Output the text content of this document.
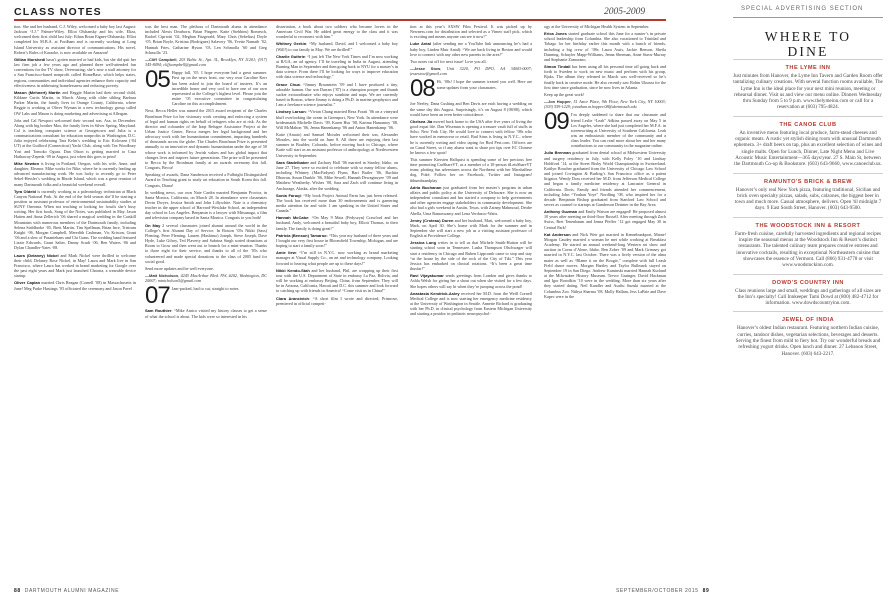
CLASS NOTES	2005-2009	SPECIAL ADVERTISING SECTION

tion. She and her husband, C.J. Wiley, welcomed a baby boy last August: Jackson “J.J.” Palmer-Wiley. Elliot Olshansky and his wife, Eliza, welcomed their first child last July: Ethan Brian Eigner-Olshansky. Elliot completed his M.B.A. at Fordham and is currently working at Long Island University as assistant director of communications. His novel, Robert’s Rules of Karaoke, is now available on Amazon!

Gillian Morshedi hasn’t gotten married or had kids, but she did quit her law firm job a few years ago and planned three well-attended fun conventions for the TV show, Overeasting; she’s now a staff attorney for a San Francisco-based nonprofit called HomeBase, which helps states, regions, communities and individual agencies enhance their capacity and effectiveness in addressing homelessness and reducing poverty.

Mason (Mehnert) Martin and Reggie Martin had their second child, Kildane Curtis Martin, in March. Along with older sibling Barbara Parker Martin, the family lives in Orange County, California, where Reggie is working at Oliver Wyman in a new technology group called OW Labs and Mason is doing marketing and advertising at Allergan.

Jobs and Cal Newport welcomed their second son, Asa, in December. Along with big brother Max, the family lives in Silver Spring, Maryland. Cal is teaching computer science at Georgetown and Julia is a communications consultant for education nonprofits in Washington, D.C. Julia enjoyed celebrating Tara Kelm’s wedding to Eric Kolossen (‘04 UT) at the Guilford (Connecticut) Yacht Club, along with Tea Woodbury Yost and Tomoko Ogura. Dan Olson is getting married to Casa Hathaway-Zepeda ‘09 in August, just when this goes to print!

Mike Newton is living in Portland, Oregon, with his wife, Anne, and daughter, Eleanor. Mike works for Nike, where he is currently leading up advanced manufacturing work. He was lucky to recently go to Peter Sekel-Hessler’s wedding in Rhode Island, which was a great reunion of many Dartmouth folks and a beautiful weekend overall.

Tyra Oldeid is currently working as a paleontology technician at Black Canyon National Park. At the end of the field season she’ll be starting a position as assistant professor of environmental sustainability studies at SUNY Oneonta. When not teaching or looking for fossils she’s busy writing. Her first book, Song of the Notes, was published in May. Jason Haiten and Anna Zellerich ’06 shared a magical wedding in the Catskill Mountains with numerous members of the Dartmouth family, including Selena Stablbroke ‘05, Brett Martin, Tim Spellman, Brian Ince, Tristram Knight ‘06, Morgan Campbell, Meredith Cashman, Vic Kriston, Grant ’06 and a slew of Pasaniehans and Chi Gams. The wedding band featured Lizzie Edwards, Grant Salter, Danny Scudi ‘06, Ben Waters ‘06 and Dylan Chandler-Yates ‘08.

Laura (Delaney) Nickel and Mark Nickel were thrilled to welcome their child, Delaney Rose Nickel, in May! Laura and Mark live in San Francisco, where Laura has worked in brand marketing for Google over the past eight years and Mark just launched Chroma, a wearable device startup.

Oliver Caplan married Chris Reagan (Cornell ’08) in Massachusetts in June! Meg Parke Hastings ’05 officiated the ceremony and Jason Pavel

was the best man. The plethora of Dartmouth alums in attendance included Alexis Dearborn, Brian Pingree, Katie (Stebbins) Romesch, Rachel Cipriotti ’02, Meghan Fitzgerald, Mary Chris (Sebelius) Doyle ‘05, Brian Boyle, Kristina (Rodriguez) Salavery ’06, Yvette Namath ’02, Hannah Fries, Catharine Hyson ’03, Len Schmolla ’60 and Greg Schmolla ’23.

—Cliff Campbell, 203 Baltic St., Apt. 3L, Brooklyn, NY 11201; (917) 345-8494; cliffcampbell@gmail.com

05 Happy fall, ’05. I hope everyone had a great summer. First up on the news front, our very own Caroline Kerr has been asked to join the board of trustees. It’s an incredible honor and very cool to have one of our own represented at the College’s highest level. Please join the entire ’05 executive committee in congratulating Caroline on this accomplishment.

Next, Becca Heller was named the 2015 award recipient of the Charles Bronfman Prize for her visionary work creating and enforcing a system of legal and human rights on behalf of refugees who are at risk. As the director and cofounder of the Iraqi Refugee Assistance Project at the Urban Justice Center, Becca merges her legal background and her advocacy work with her humanitarian commitment, impacting hundreds of thousands across the globe. The Charles Bronfman Prize is presented annually to an innovative and dynamic humanitarian under the age of 50 whose work is informed by Jewish values and has global impact that changes lives and inspires future generations. The prize will be presented to Becca by the Bronfman family at an awards ceremony this fall. Congrats, Becca!

Speaking of awards, Dana Sanderson received a Fulbright Distinguished Award in Teaching grant to study art education in South Korea this fall. Congrats, Diana!

In wedding news, our own Nate Cardin married Benjamin Proctor, in Santa Monica, California, on March 28. In attendance were classmates Devin Dwyer, Jessica Smith and John Lillywhite. Nate is a chemistry teacher in the upper school of Harvard-Westlake School, an independent day school in Los Angeles. Benjamin is a lawyer with Mitsunaga, a film and television company based in Santa Monica. Congrats to you both!

On May 2 several classmates joined alumni around the world in the College’s first Alumni Day of Service. In Boston ’05s Nikki (Sass) Fleming, Peter Fleming, Lauren (Hashimo) Joseph, Steve Joseph, Dave Hyde, Luke Gilroy, Ted Flaverty and Sabrina Singh sorted donations at Room to Grow and then went out to brunch for a mini-reunion. Thanks to those eight for their service, and thanks to all of the ’05s who volunteered and made special donations to the class of 2005 fund for social good.

Send more updates and be well everyone.

—Matt Nicholson, 4245 MacArthur Blvd. NW, #202, Washington, DC 20007; mtnicholson5@gmail.com

07 Jam-packed, bad to cut, straight to notes.

Sam Routhier: “Mike Amico visited my history classes to get a sense of what the school is about. The kids were so interested in his

dissertation, a book about two soldiers who became lovers in the American Civil War. He added great energy to the class and it was wonderful to reconnect with him.”

Whitney Gerkin: “My husband, David, and I welcomed a baby boy (Will!) to our family in May. We are thrilled!”

Charlie Guthrie: “I just left The New York Times and I’m now working at R/GA, an ad agency. I’ll be traveling in India in August, attending Burning Man in September and then going back to NYU for a master’s in data science. From there I’ll be looking for ways to improve education with data science and technology.”

Grace Chua: “Jimmy Braunstein ’09 and I have produced a tiny, adorable human. Our son Darran (’87) is a champion pooper and thumb sucker extraordinaire who enjoys sunshine and naps. We are currently based in Boston, where Jimmy is doing a Ph.D. in marine geophysics and I am a freelance science journalist.”

Lindsey Larson: “Vivian Chang married Reza Forati ’06 on a vineyard bluff overlooking the ocean in Greenport, New York. In attendance were bridesmaids Michelle Davis ’09, Karen Hsu ’08, Karima Hamamoy ’08, Will McMahon ’06, Jenna Hanenkamp ’06 and Anton Hanenkamp ’06.

Katie (Amato) and Samuel Morales welcomed their son, Alexander Morales, into the world on June 8. All three are enjoying their last summer in Boulder, Colorado, before moving back to Chicago, where Katie will start as an assistant professor of anthropology at Northwestern University in September.

Sara Stadelbaker and Zachary Hall ’06 married in Stanley, Idaho, on June 27. They were so excited to celebrate with so many fellow alums, including Whitney (MacFadyen) Flynn, Bart Butler ’06, Rachita Dhawan, Susan Dunkle ’06, Mike Sewell, Hannah Dewagtsuyee ’09 and Matthew Weatherby. Wishes ’08, Sara and Zach will continue living in Anchorage, Alaska, after the wedding.

Sonia Faruqi: “My book Project Animal Farm has just been released. The book has received more than 30 endorsements and is garnering media attention far and wide. I am speaking in the United States and Canada.”

Hannah McCabe: “On May 9 Maia (Fedyszyn) Crawford and her husband, Andy, welcomed a beautiful baby boy, Elliott Thomas, to their family. The family is doing great!”

Patricia (Benson) Tamaroo: “This year my husband of three years and I bought our very first house in Bloomfield Township, Michigan, and are hoping to start a family soon!”

Amie Ilew: “I’m still in N.Y.C. now working as brand marketing manager at Visual Supply Co., an art and technology company. Looking forward to hearing what people are up to these days!”

Nikki Kendo-Stah and her husband, Phil, are wrapping up their first tour with the U.S. Department of State in embassy La Paz, Bolivia, and will be working at embassy Beijing, China, from September. They will be in Arizona, California, Hawaii and D.C. this summer and look forward to catching up with friends in America! “Come visit us in China!”

Clara Arancivich: “A short film I wrote and directed, Primrose, premiered in official competi-

tion at this year’s SXSW Film Festival. It was picked up by Newness.com for distribution and selected as a Vimeo staff pick, which is exciting and means anyone can see it now!”

Luke Antal (after sending me a YouTube link announcing he’s had a baby boy, Linden Muir Antal): “We are back living in Boston and would love to connect with any other new parents in the area!”

Two notes cut off for next issue! Love you all.

—Jesse Stow, Unit 3220, PO DPO, AA 34003-0007; jessestow@gmail.com

08 Hi, ’08s! I hope the summer treated you well. Here are some updates from your classmates.

Joe Neeley, Dana Cushing and Ben Davis are each having a wedding on the same day this August. Surprisingly, it’s on August 8 (08/08), which would have been an even better coincidence.

Chelsea Jia moved back home to the USA after five years of living the good expat life. Dan Wiseman is opening a treasure vault full of stuffs in Soho, New York City. He would love to connect with fellow ’08s who have worked in menswear or retail. Bud Sims is living in N.Y.C., where he is currently writing and video taping for Bird Pest.com. Officers are on Canal Street, so if any alums want to share pro tips over EC Chinese he knows a few spots!

This summer Kiersten Hallquist is spending some of her precious free time promoting CarShareVT, as a member of a 10-person #LetsShareVT team; plotting fun adventures across the Northeast with her Marshallese dog, Poké. Follow her on Facebook, Twitter and Instagram! #thumbsandplay

Adria Buchanan just graduated from her master’s program in urban affairs and public policy at the University of Delaware. She is now an independent consultant and has started a company to help governments and other agencies engage stakeholders in community development. She also had a girls weekend in Austin, Texas, with Zainep Mahmoud, Deidre Abella, Uma Ramaswamy and Lena Verduzco-Watts.

Jenny (Croteau) Doren and her husband, Matt, welcomed a baby boy, Mark, on April 30. She’s home with Mark for the summer and in September she will start a new job as a visiting assistant professor of English at Providence College.

Jessica Long writes in to tell us that Michele Smith-Hutton will be starting school soon in Tennessee. Lusha Thompson Olschwager will start a residency in Chicago and Ruben Lippcomb came to stop and stay “at the house by the side of the rock of the City of Tiki.” This year Jessica has embarked on clinical rotations. “It’s been a great time thusfar!”

Ravi Vijayakumar sends greetings from London and gives thanks to Ashla Welsh for giving her a shout out when she visited for a few days. She hopes others will say hi when they’re jumping across the pond!

Anastasia Kendrick-Asley received her M.D. from the Weill Cornell Medical College and is now starting her emergency medicine residency at the University of Washington in Seattle. Annette Richard is graduating with her Ph.D. in clinical psychology from Eastern Michigan University and starting a postdoc in pediatric neuropsychol-

ogy at the University of Michigan Health System in September.

Erica Jones started graduate school this June for a master’s in private school leadership from Columbia. She also vacationed to Trinidad and Tobago for her birthday earlier this month with a bunch of friends, including a big crew of ’08s: Laura Assis, Jackie Benson, Sheila Dunning, Schuyler Mapp-Williams, Jenna Sherman, Anne Stavu-Murray and Stephanie Zamorano.

Simon Tindall has been using all his personal time off going back and forth to Sweden to work on new music and perform with his group, Bjaks. The album they released in March was well-received so he’s finally back in creative mode. He also recently saw Robin Ukueza for the first time since graduation, since he now lives in Atlanta.

Keep up the great work!

—Jon Hopper, 51 Astor Place, 9th Floor, New York City, NY 10003; (303) 559-1229; jonathan.m.hopper.08@dartmouth.edu

09 I’m deeply saddened to share that our classmate and friend Leslie “Leah” Adkins passed away on May 5 in Los Angeles, where she had just completed her M.F.A. in screenwriting at University of Southern California. Leah was an enthusiastic member of the community and a class leader. You can read more about her and her many contributions to our community in the magazine online.

Julia Brennan graduated from dental school at Midwestern University and surgery residency in July, with Kelly Foley ’10 and Lindsay Holdford ’14, at the Street Bixby World Championship in Switzerland. Kaitlyn Boucher graduated from the University of Chicago Law School and joined Covington & Burling’s San Francisco office as a patent litigator. Wendy Doss received her M.D. from Jefferson Medical College and began a family medicine residency at Lancaster General in California. Doris, Family and friends attended her commencement, including John “Youhan Yoye” Nordling ’08, who inspired her for a decade. Benjamin Bishop graduated from Stanford Law School and serves as counsel to startups at Gunderson Dettmer in the Bay Area.

Anthony Guzman and Emily Watson are engaged! He proposed almost 10 years after meeting on third-floor Russell. After meeting through Zach Swiss, Bret Tenenbaum and Jenna Pfeffer ’12 got engaged May 30 in Central Park!

Kat Anderson and Nick Weir got married in Kennebunkport, Maine! Morgan Caudey married a woman he met while working at Breakfast Academy. He started an annual weekend-long Western art show and auction in Coeur d’Alene, Idaho. Ben Zober ’09 and Mark Grimsey got married in N.Y.C. last October. There was a lively version of the alma mater as well as “Blame it on the Boogie,” complete with full Leash Field dance moves. Morgan Hartley and Taylor Bullmark stayed on September 19 in San Diego. Andrew Kaminski married Hannah Kurland at the Milwaukee History Museum. Trevor Grainger, David Hackman and Igor Borodkin ’10 were in the wedding. More than six years after they started dating, Neil Kandler and Asaftu Suzuki married at the Columbus Zoo. Nithya Sharma ’08, Molly Hallam, Jess LaBrie and Dave Kapec were in the

88 DARTMOUTH ALUMNI MAGAZINE	SEPTEMBER/OCTOBER 2015 89
WHERE TO
DINE
THE LYME INN
Just minutes from Hanover, the Lyme Inn Tavern and Garden Room offer tantalizing culinary creations. With several function rooms available, The Lyme Inn is the ideal place for your next mini reunion, meeting or rehearsal dinner. Visit us and view our menu online. Dinners Wednesday thru Sunday from 5 to 9 p.m. www.thelymeinn.com or call for a reservation at (603) 795-4824.
THE CANOE CLUB
An inventive menu featuring local produce, farm-stead cheeses and organic meats. A rustic yet stylish dining room with unusual Dartmouth ephemera. 3+ draft beers on tap, plus an excellent selection of wines and single malts. Open for Lunch, Dinner, Late Night Menu and Live Acoustic Music Entertainment—365 days/year. 27 S. Main St, between the Dartmouth Co-op & Bookstore. (603) 643-9660, www.canoeclub.us.
RAMUNTO'S BRICK & BREW
Hanover’s only real New York pizza, featuring traditional, Sicilian and brick oven specialty pizzas, salads, subs, calzones, the biggest beer in town and much more. Casual atmosphere, delivers. Open 'til midnight 7 days. 9 East South Street, Hanover. (603) 643-9500.
THE WOODSTOCK INN & RESORT
Farm-fresh cuisine, carefully harvested ingredients and regional recipes inspire the seasonal menus at the Woodstock Inn & Resort’s distinct restaurants. The talented culinary team prepares creative entrees and innovative cocktails, resulting in exceptional Northeastern cuisine that showcases the essence of Vermont. Call (866) 931-4778 or visit www.woodstockinn.com.
DOWD'S COUNTRY INN
Class reunions large and small, weddings and gatherings of all sizes are the Inn’s specialty! Call Innkeeper Tami Dowd at (800) 482-4712 for information. www.dowdscountryinn.com.
JEWEL OF INDIA
Hanover’s oldest Indian restaurant. Featuring northern Indian cuisine, curries, tandoor dishes, vegetarian selections, beverages and desserts. Serving the finest from mild to fiery hot. Try our wonderful breads and refreshing yogurt drinks. Open lunch and dinner. 27 Lebanon Street, Hanover. (603) 643-2217.
